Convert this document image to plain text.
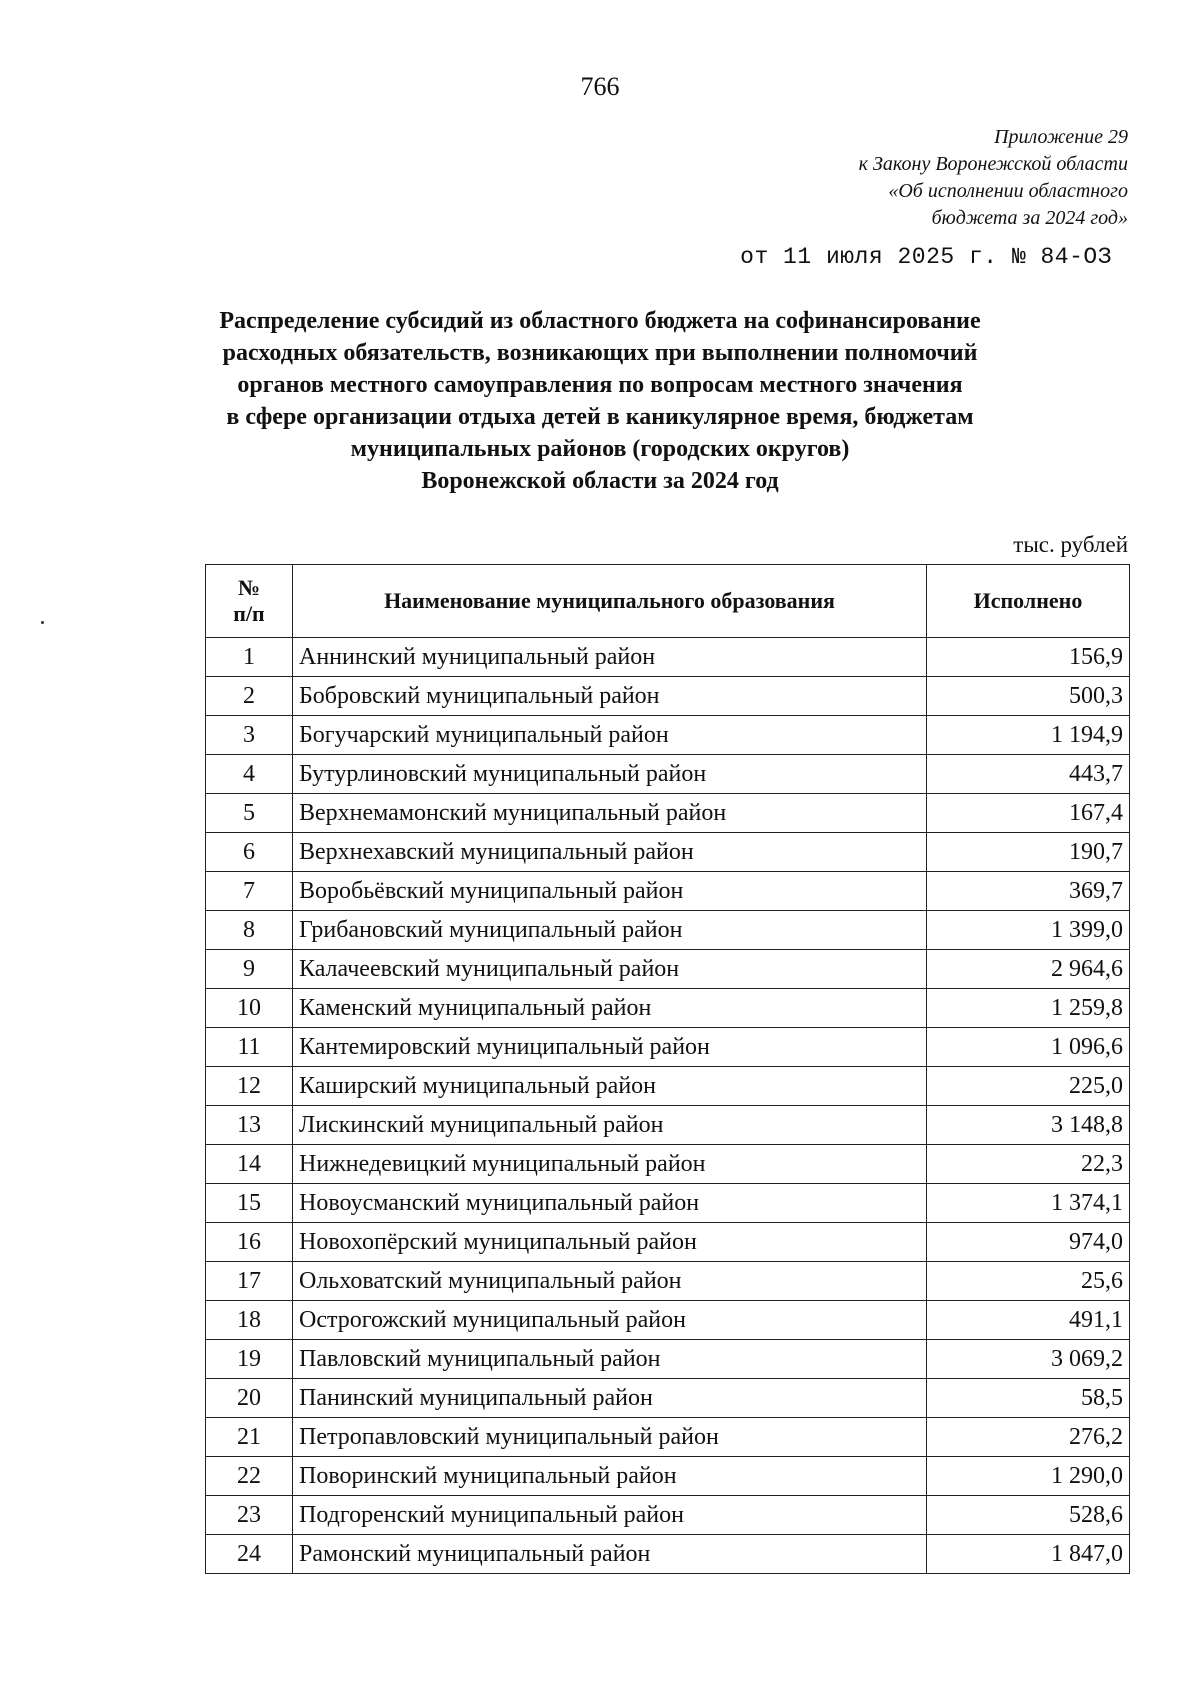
766
Приложение 29
к Закону Воронежской области
«Об исполнении областного
бюджета за 2024 год»
от 11 июля 2025 г. № 84-ОЗ
Распределение субсидий из областного бюджета на софинансирование
расходных обязательств, возникающих при выполнении полномочий
органов местного самоуправления по вопросам местного значения
в сфере организации отдыха детей в каникулярное время, бюджетам
муниципальных районов (городских округов)
Воронежской области за 2024 год
тыс. рублей
№
п/п	Наименование муниципального образования	Исполнено
1	Аннинский муниципальный район	156,9
2	Бобровский муниципальный район	500,3
3	Богучарский муниципальный район	1 194,9
4	Бутурлиновский муниципальный район	443,7
5	Верхнемамонский муниципальный район	167,4
6	Верхнехавский муниципальный район	190,7
7	Воробьёвский муниципальный район	369,7
8	Грибановский муниципальный район	1 399,0
9	Калачеевский муниципальный район	2 964,6
10	Каменский муниципальный район	1 259,8
11	Кантемировский муниципальный район	1 096,6
12	Каширский муниципальный район	225,0
13	Лискинский муниципальный район	3 148,8
14	Нижнедевицкий муниципальный район	22,3
15	Новоусманский муниципальный район	1 374,1
16	Новохопёрский муниципальный район	974,0
17	Ольховатский муниципальный район	25,6
18	Острогожский муниципальный район	491,1
19	Павловский муниципальный район	3 069,2
20	Панинский муниципальный район	58,5
21	Петропавловский муниципальный район	276,2
22	Поворинский муниципальный район	1 290,0
23	Подгоренский муниципальный район	528,6
24	Рамонский муниципальный район	1 847,0
